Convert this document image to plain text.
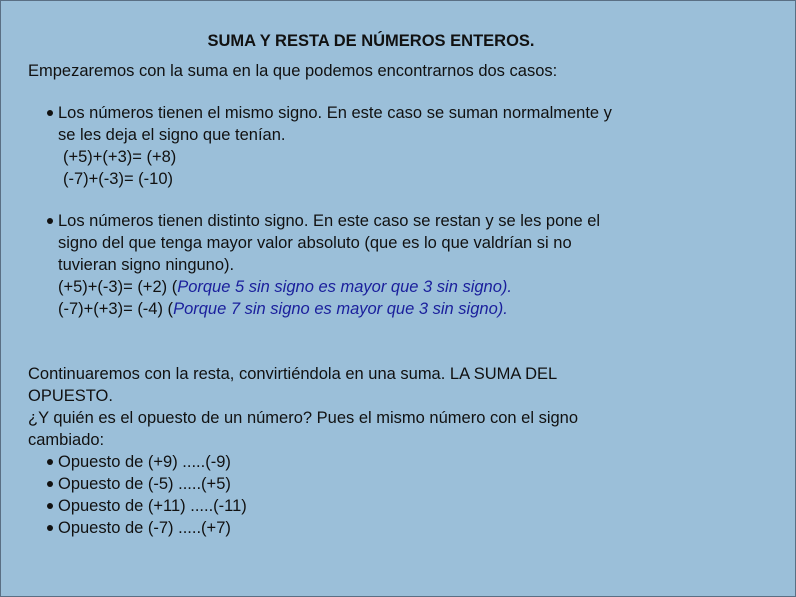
SUMA Y RESTA DE NÚMEROS ENTEROS.
Empezaremos con la suma en la que podemos encontrarnos dos casos:
Los números tienen el mismo signo. En este caso se suman normalmente y
se les deja el signo que tenían.
(+5)+(+3)= (+8)
(-7)+(-3)= (-10)
Los números tienen distinto signo. En este caso se restan y se les pone el
signo del que tenga mayor valor absoluto (que es lo que valdrían si no
tuvieran signo ninguno).
(+5)+(-3)= (+2) (Porque 5 sin signo es mayor que 3 sin signo).
(-7)+(+3)= (-4) (Porque 7 sin signo es mayor que 3 sin signo).
Continuaremos con la resta, convirtiéndola en una suma. LA SUMA DEL
OPUESTO.
¿Y quién es el opuesto de un número? Pues el mismo número con el signo
cambiado:
Opuesto de (+9) .....(-9)
Opuesto de (-5) .....(+5)
Opuesto de (+11) .....(-11)
Opuesto de (-7) .....(+7)
